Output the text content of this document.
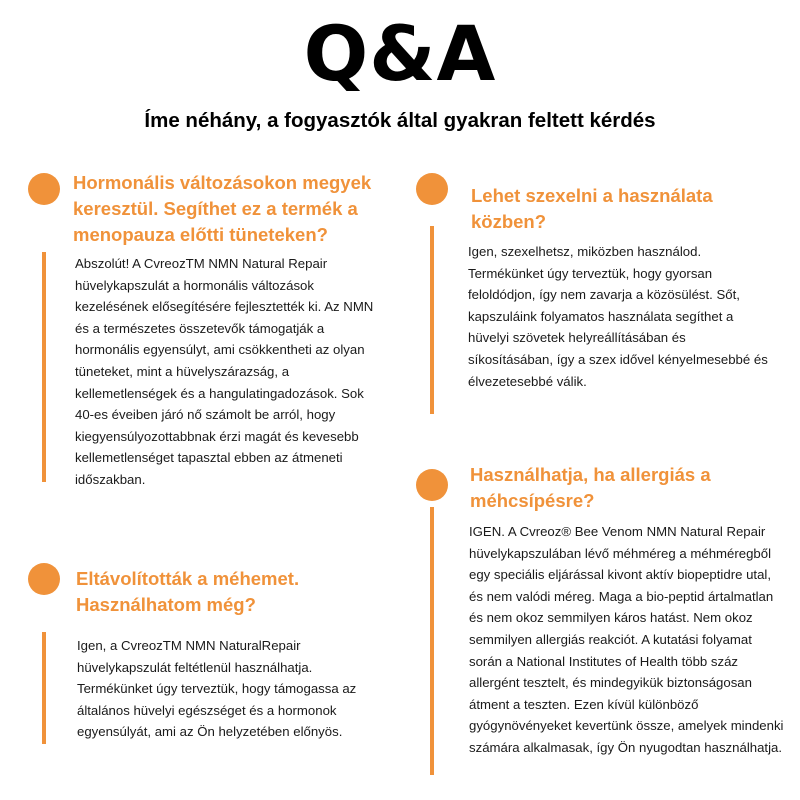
Q&A
Íme néhány, a fogyasztók által gyakran feltett kérdés

Hormonális változásokon megyek keresztül. Segíthet ez a termék a menopauza előtti tüneteken?

Abszolút! A CvreozTM NMN Natural Repair hüvelykapszulát a hormonális változások kezelésének elősegítésére fejlesztették ki. Az NMN és a természetes összetevők támogatják a hormonális egyensúlyt, ami csökkentheti az olyan tüneteket, mint a hüvelyszárazság, a kellemetlenségek és a hangulatingadozások. Sok 40-es éveiben járó nő számolt be arról, hogy kiegyensúlyozottabbnak érzi magát és kevesebb kellemetlenséget tapasztal ebben az átmeneti időszakban.

Lehet szexelni a használata közben?

Igen, szexelhetsz, miközben használod. Termékünket úgy terveztük, hogy gyorsan feloldódjon, így nem zavarja a közösülést. Sőt, kapszuláink folyamatos használata segíthet a hüvelyi szövetek helyreállításában és síkosításában, így a szex idővel kényelmesebbé és élvezetesebbé válik.

Eltávolították a méhemet. Használhatom még?

Igen, a CvreozTM NMN NaturalRepair hüvelykapszulát feltétlenül használhatja. Termékünket úgy terveztük, hogy támogassa az általános hüvelyi egészséget és a hormonok egyensúlyát, ami az Ön helyzetében előnyös.

Használhatja, ha allergiás a méhcsípésre?

IGEN. A Cvreoz® Bee Venom NMN Natural Repair hüvelykapszulában lévő méhméreg a méhméregből egy speciális eljárással kivont aktív biopeptidre utal, és nem valódi méreg. Maga a bio-peptid ártalmatlan és nem okoz semmilyen káros hatást. Nem okoz semmilyen allergiás reakciót. A kutatási folyamat során a National Institutes of Health több száz allergént tesztelt, és mindegyikük biztonságosan átment a teszten. Ezen kívül különböző gyógynövényeket kevertünk össze, amelyek mindenki számára alkalmasak, így Ön nyugodtan használhatja.
